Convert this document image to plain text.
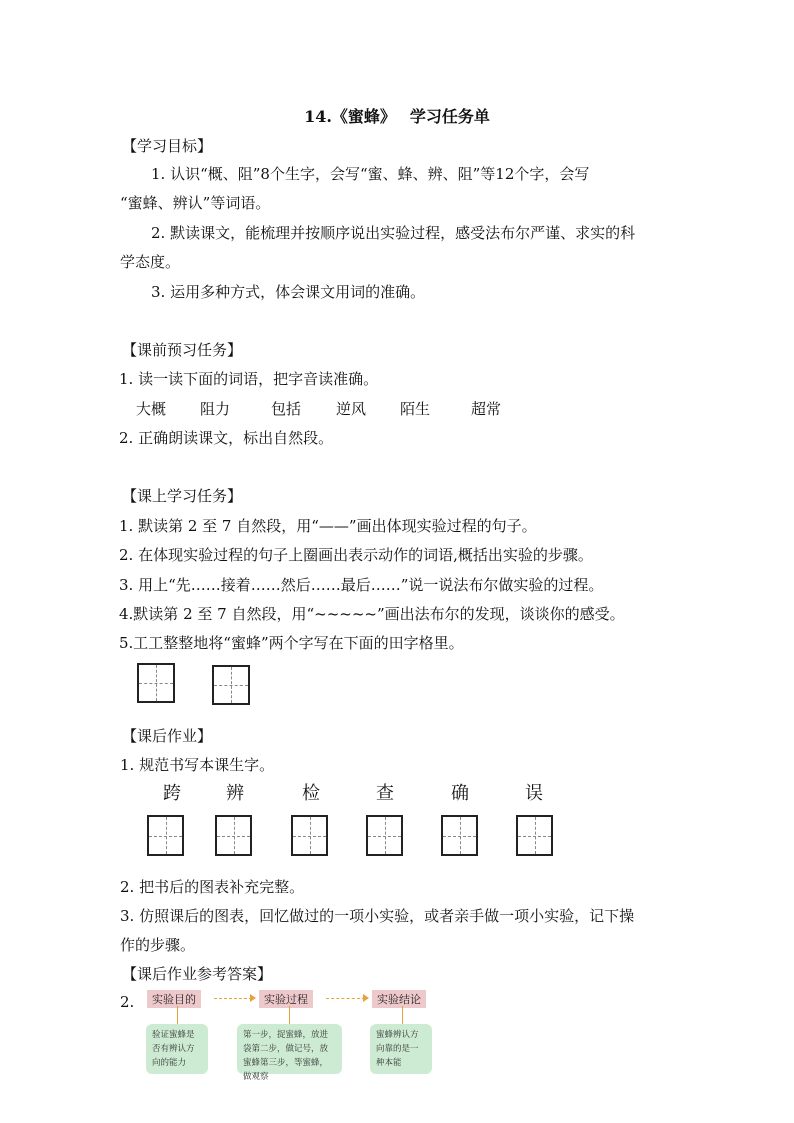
14.《蜜蜂》 学习任务单
【学习目标】
1. 认识“概、阻”8个生字，会写“蜜、蜂、辨、阻”等12个字，会写
“蜜蜂、辨认”等词语。
2. 默读课文，能梳理并按顺序说出实验过程，感受法布尔严谨、求实的科
学态度。
3. 运用多种方式，体会课文用词的准确。
【课前预习任务】
1. 读一读下面的词语，把字音读准确。
大概 阻力	包括 逆风 陌生	超常
2. 正确朗读课文，标出自然段。
【课上学习任务】
1. 默读第 2 至 7 自然段，用“——”画出体现实验过程的句子。
2. 在体现实验过程的句子上圈画出表示动作的词语,概括出实验的步骤。
3. 用上“先……接着……然后……最后……”说一说法布尔做实验的过程。
4.默读第 2 至 7 自然段，用“~~~~~”画出法布尔的发现，谈谈你的感受。
5.工工整整地将“蜜蜂”两个字写在下面的田字格里。
【课后作业】
1. 规范书写本课生字。
跨	辨	检	查	确	误
2. 把书后的图表补充完整。
3. 仿照课后的图表，回忆做过的一项小实验，或者亲手做一项小实验，记下操
作的步骤。
【课后作业参考答案】
2.	实验目的	实验过程	实验结论
验证蜜蜂是否有辨认方向的能力
第一步，捉蜜蜂，放进袋第二步，做记号，放蜜蜂第三步，等蜜蜂，做观察
蜜蜂辨认方向靠的是一种本能
